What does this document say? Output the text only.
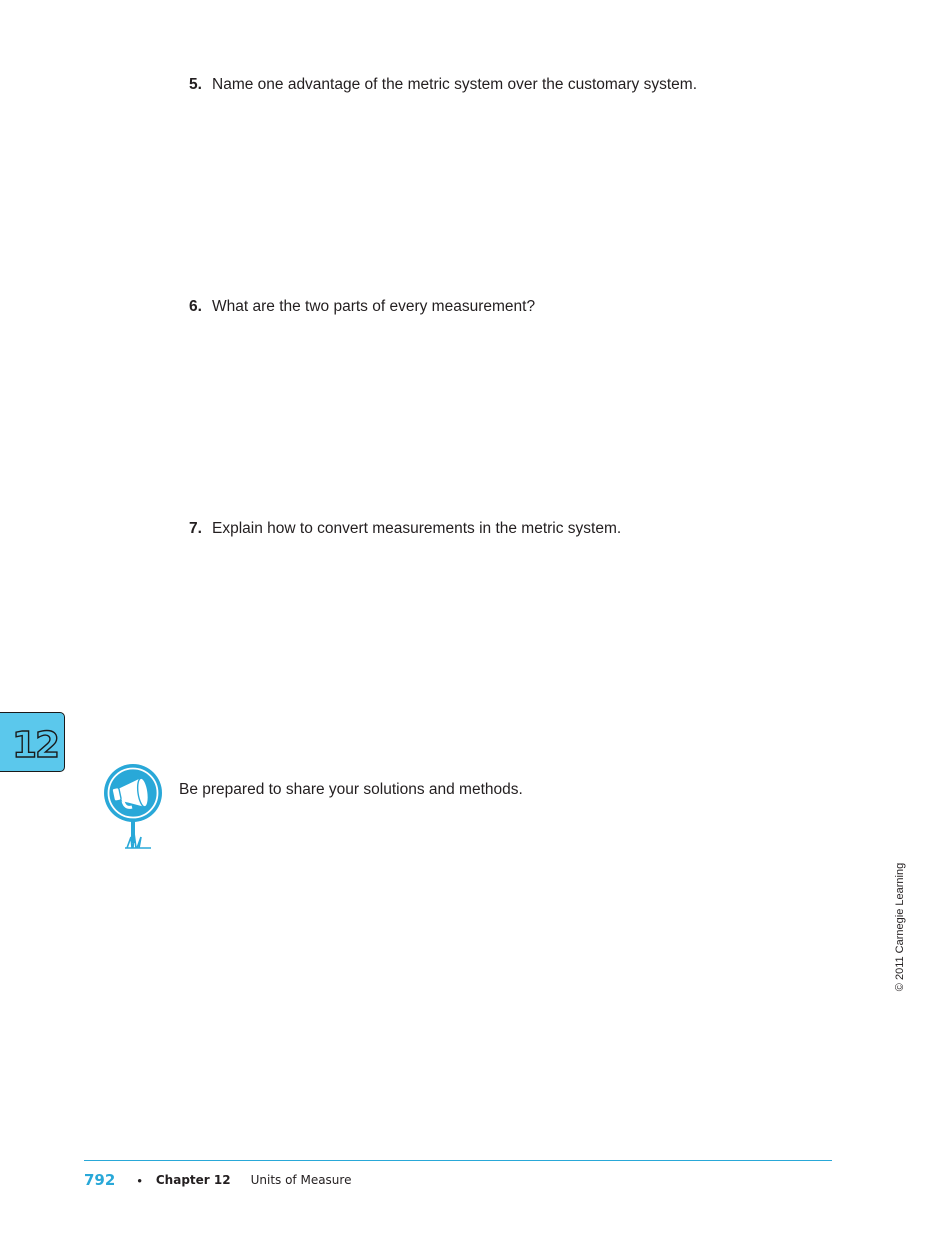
5. Name one advantage of the metric system over the customary system.
6. What are the two parts of every measurement?
7. Explain how to convert measurements in the metric system.
12
Be prepared to share your solutions and methods.
© 2011 Carnegie Learning
792 • Chapter 12 Units of Measure
